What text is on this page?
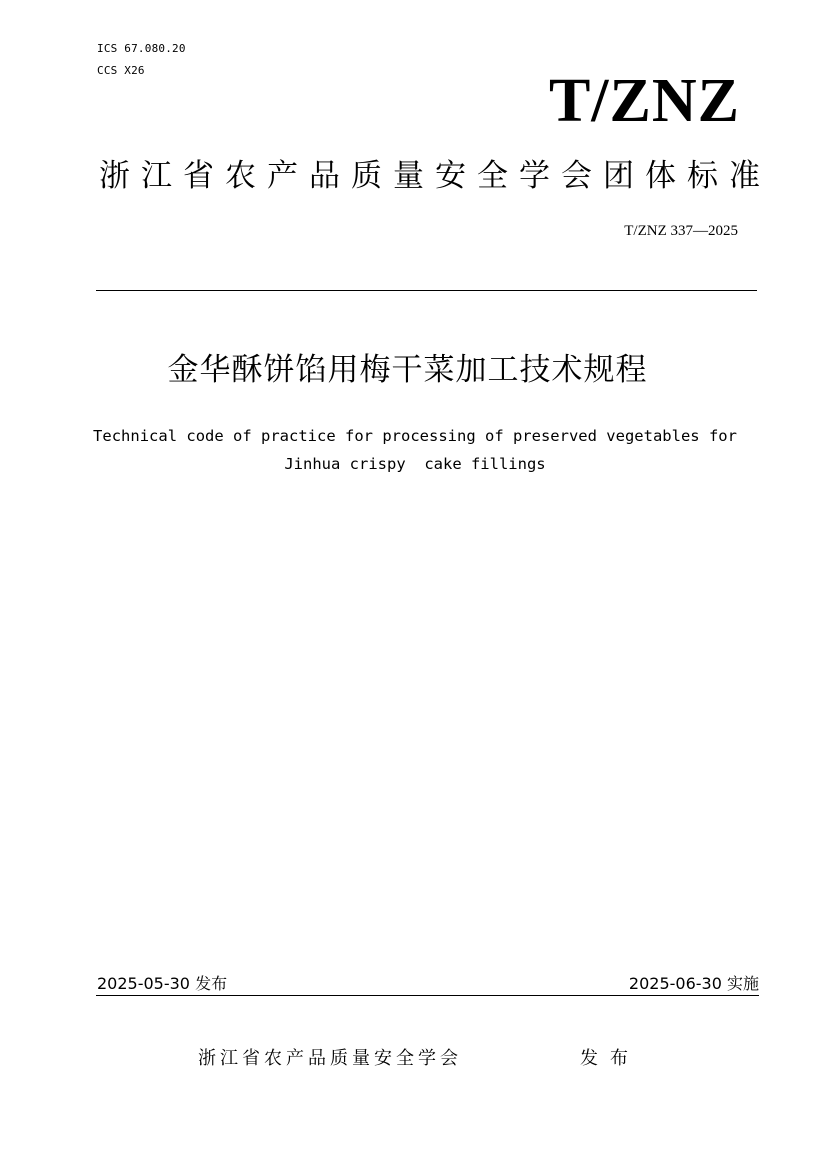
ICS 67.080.20
CCS X26	T/ZNZ
浙江省农产品质量安全学会团体标准
T/ZNZ 337—2025
金华酥饼馅用梅干菜加工技术规程
Technical code of practice for processing of preserved vegetables for
Jinhua crispy  cake fillings
2025-05-30 发布	2025-06-30 实施
浙江省农产品质量安全学会	发布
